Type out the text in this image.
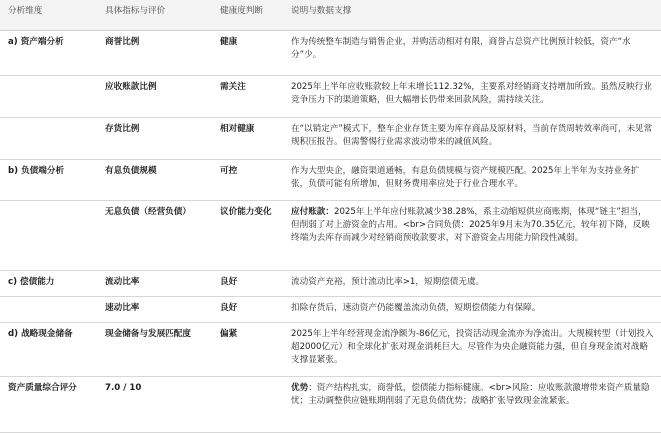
分析维度	具体指标与评价	健康度判断	说明与数据支撑
a) 资产端分析	商誉比例	健康	作为传统整车制造与销售企业，并购活动相对有限，商誉占总资产比例预计较低，资产“水分”少。
	应收账款比例	需关注	2025年上半年应收账款较上年末增长112.32%，主要系对经销商支持增加所致。虽然反映行业竞争压力下的渠道策略，但大幅增长仍带来回款风险，需持续关注。
	存货比例	相对健康	在“以销定产”模式下，整车企业存货主要为库存商品及原材料，当前存货周转效率尚可，未见常规积压报告。但需警惕行业需求波动带来的减值风险。
b) 负债端分析	有息负债规模	可控	作为大型央企，融资渠道通畅，有息负债规模与资产规模匹配。2025年上半年为支持业务扩张，负债可能有所增加，但财务费用率应处于行业合理水平。
	无息负债（经营负债）	议价能力变化	应付账款：2025年上半年应付账款减少38.28%，系主动缩短供应商账期，体现“链主”担当，但削弱了对上游资金的占用。<br>合同负债：2025年9月末为70.35亿元，较年初下降，反映终端为去库存而减少对经销商预收款要求，对下游资金占用能力阶段性减弱。
c) 偿债能力	流动比率	良好	流动资产充裕，预计流动比率>1，短期偿债无虞。
	速动比率	良好	扣除存货后，速动资产仍能覆盖流动负债，短期偿债能力有保障。
d) 战略现金储备	现金储备与发展匹配度	偏紧	2025年上半年经营现金流净额为-86亿元，投资活动现金流亦为净流出。大规模转型（计划投入超2000亿元）和全球化扩张对现金消耗巨大。尽管作为央企融资能力强，但自身现金流对战略支撑显紧张。
资产质量综合评分	7.0 / 10		优势：资产结构扎实，商誉低，偿债能力指标健康。<br>风险：应收账款激增带来资产质量隐忧；主动调整供应链账期削弱了无息负债优势；战略扩张导致现金流紧张。
